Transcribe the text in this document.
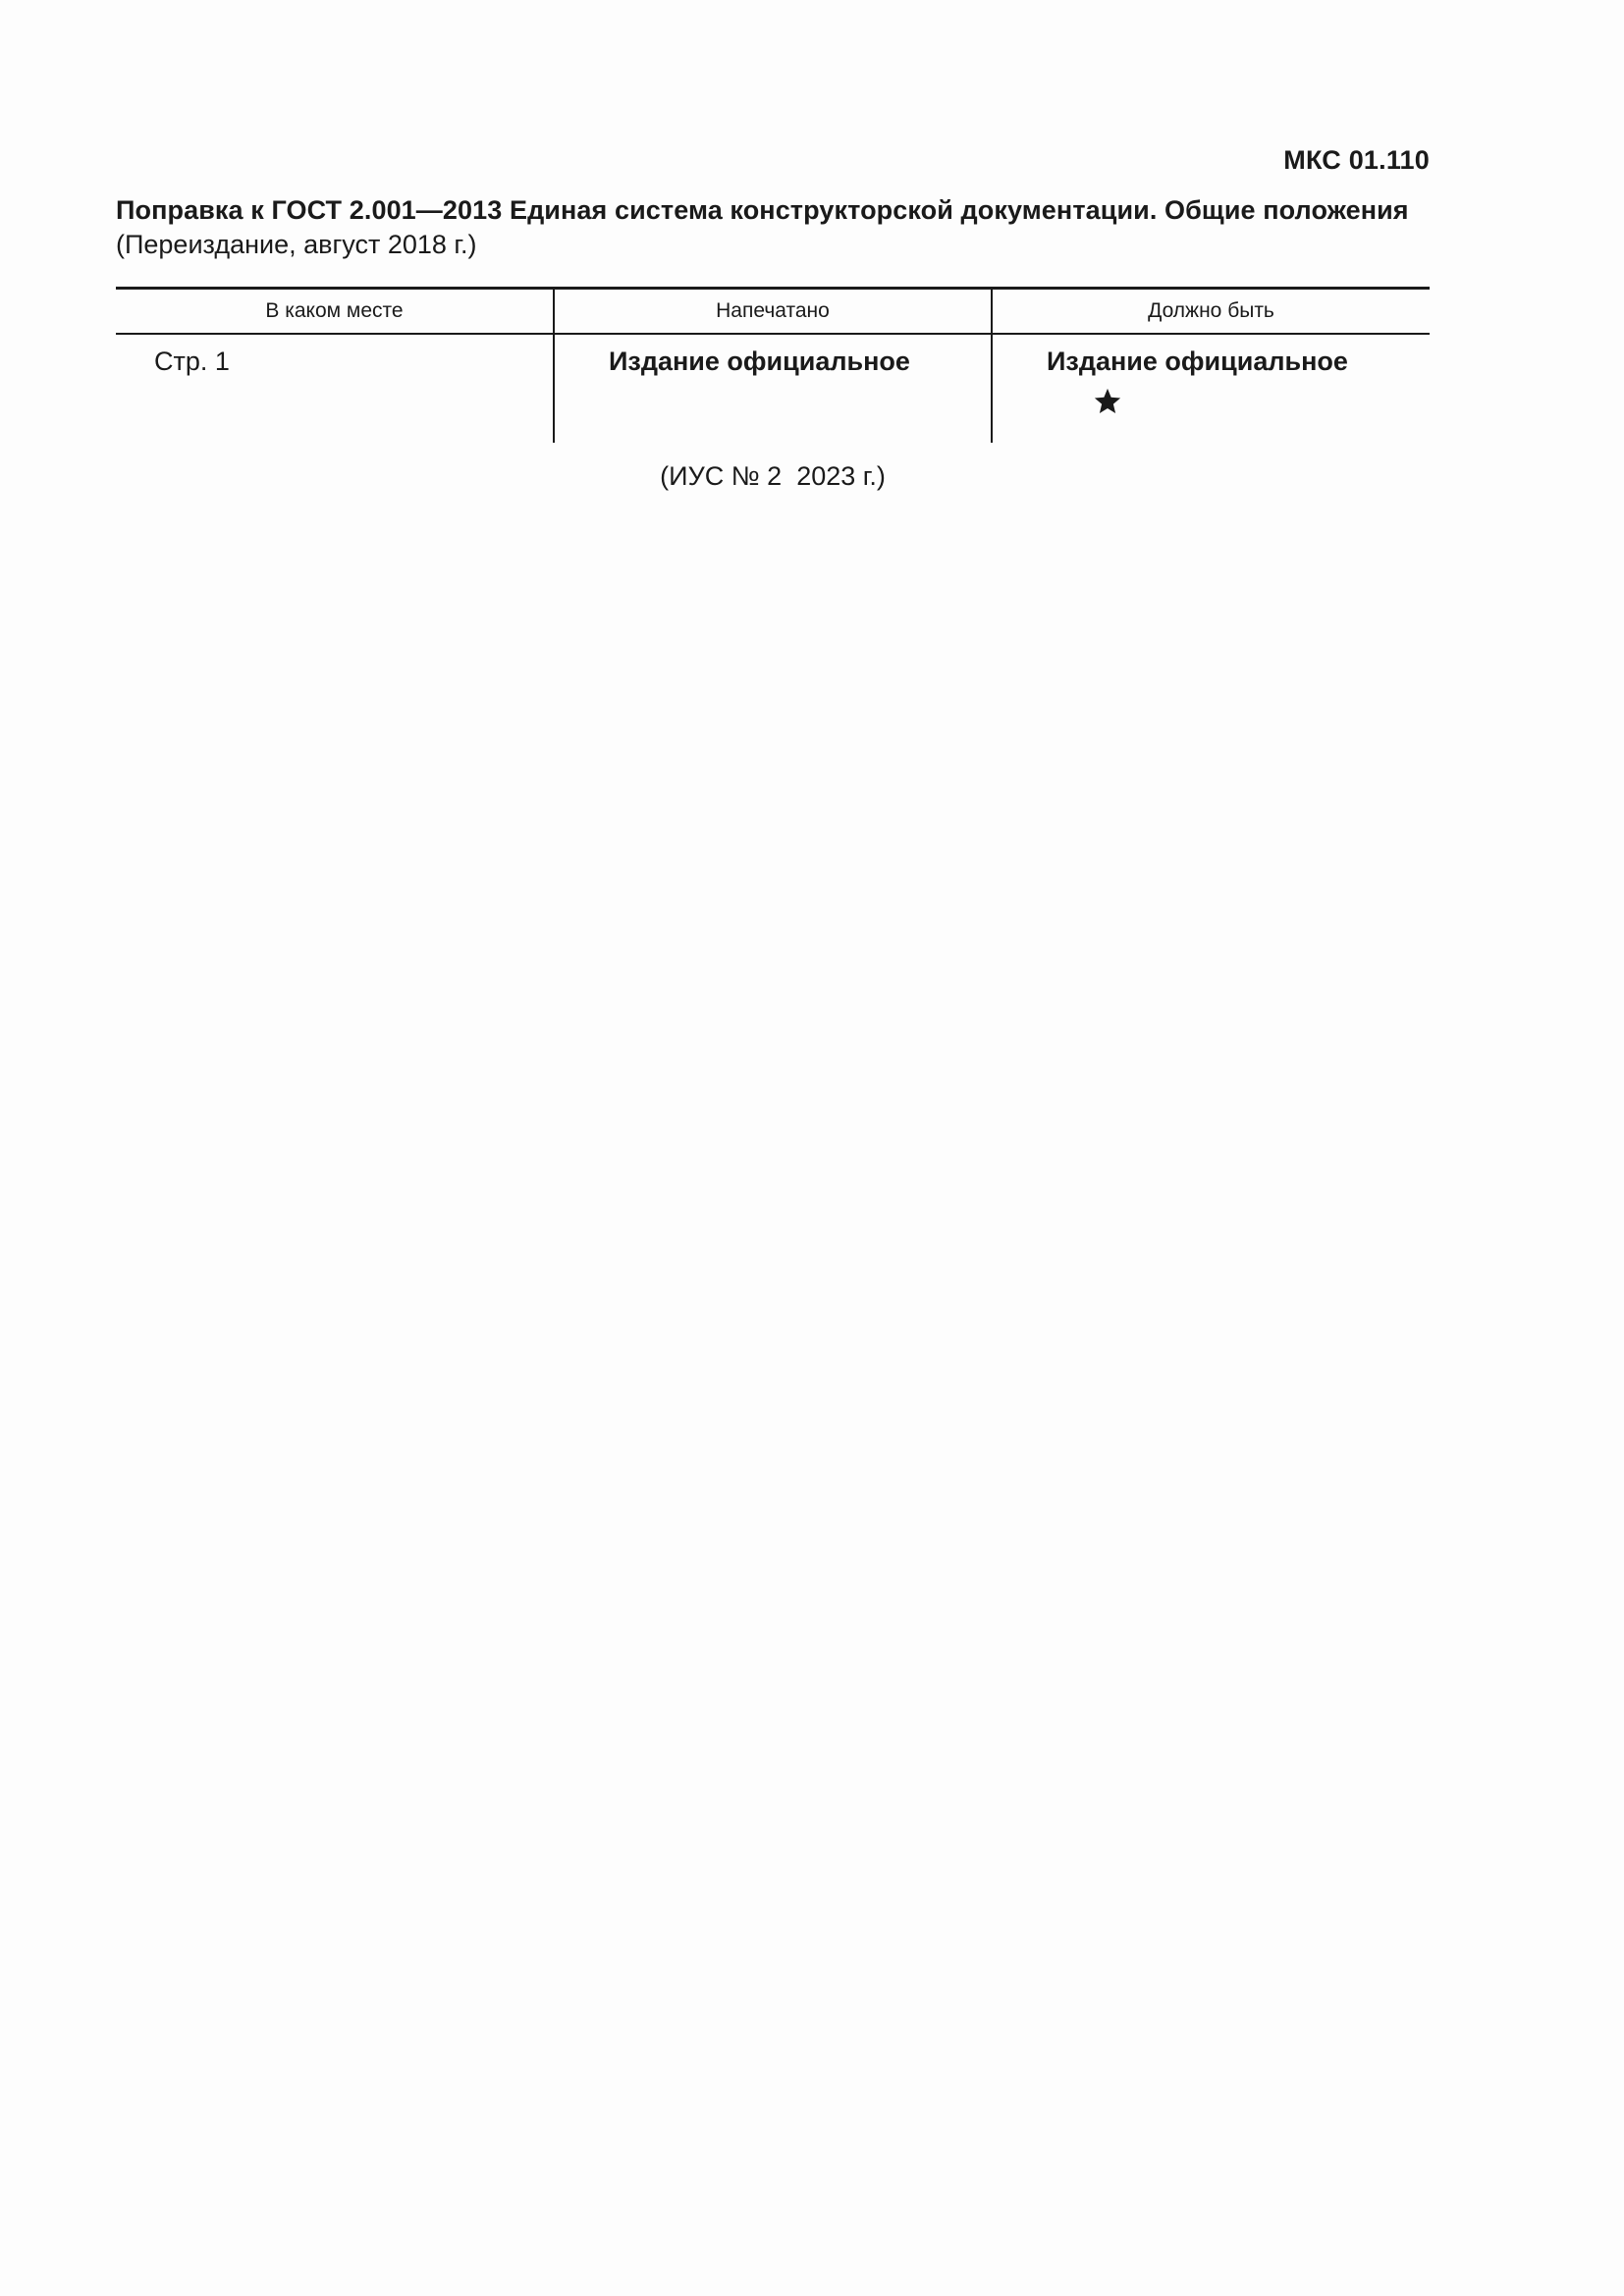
МКС 01.110
Поправка к ГОСТ 2.001—2013 Единая система конструкторской документации. Общие положения
(Переиздание, август 2018 г.)
В каком месте	Напечатано	Должно быть
Стр. 1	Издание официальное	Издание официальное
(ИУС № 2  2023 г.)
